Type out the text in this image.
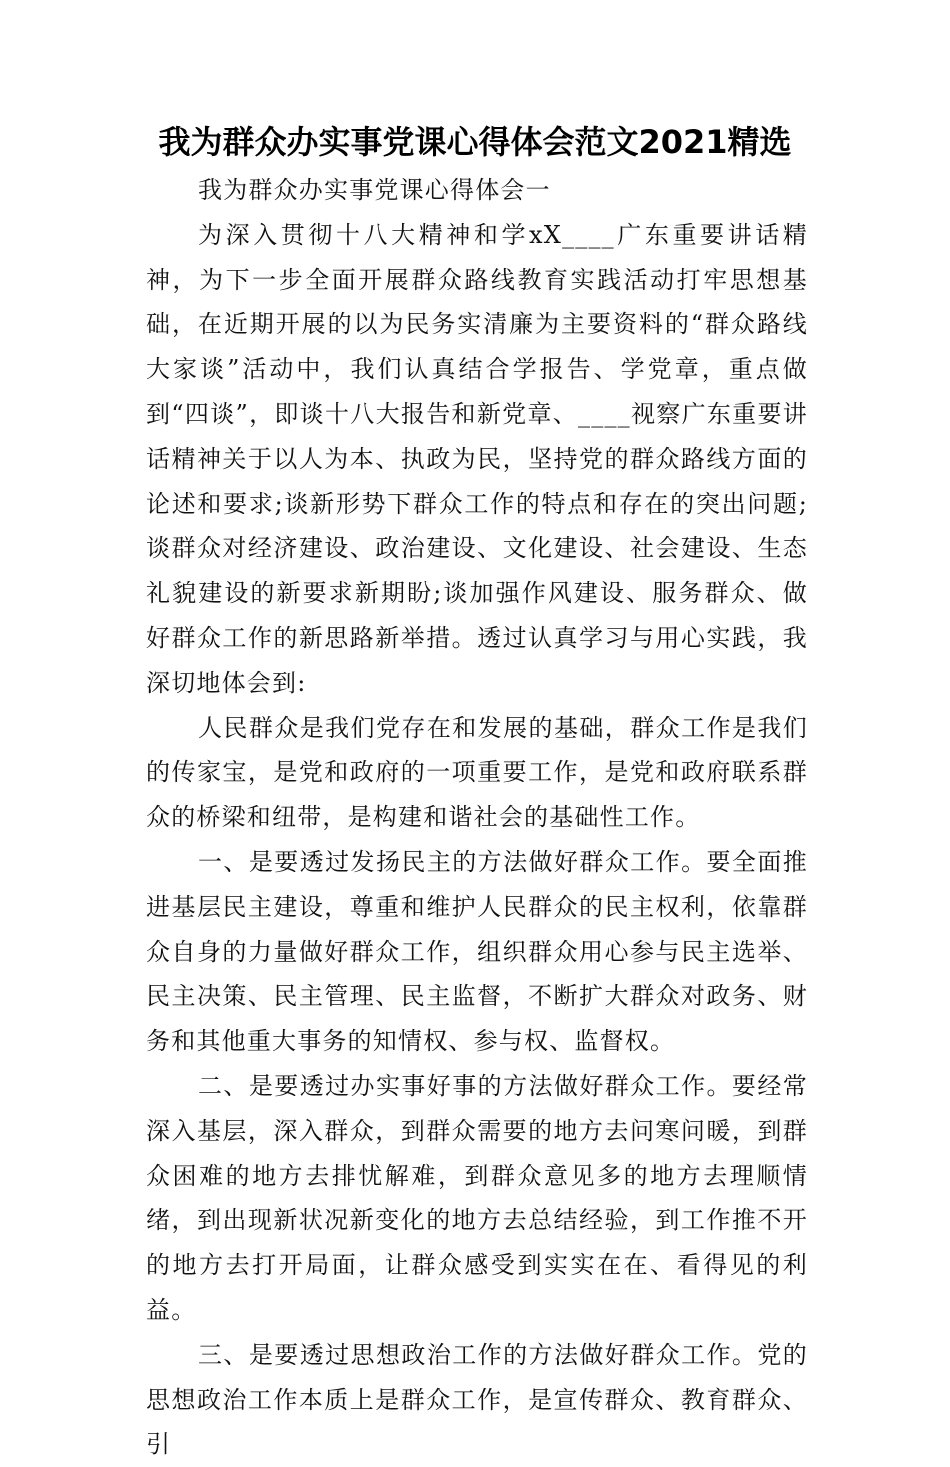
我为群众办实事党课心得体会范文2021精选

我为群众办实事党课心得体会一

为深入贯彻十八大精神和学xX____广东重要讲话精神，为下一步全面开展群众路线教育实践活动打牢思想基础，在近期开展的以为民务实清廉为主要资料的“群众路线大家谈”活动中，我们认真结合学报告、学党章，重点做到“四谈”，即谈十八大报告和新党章、____视察广东重要讲话精神关于以人为本、执政为民，坚持党的群众路线方面的论述和要求;谈新形势下群众工作的特点和存在的突出问题;谈群众对经济建设、政治建设、文化建设、社会建设、生态礼貌建设的新要求新期盼;谈加强作风建设、服务群众、做好群众工作的新思路新举措。透过认真学习与用心实践，我深切地体会到:

人民群众是我们党存在和发展的基础，群众工作是我们的传家宝，是党和政府的一项重要工作，是党和政府联系群众的桥梁和纽带，是构建和谐社会的基础性工作。

一、是要透过发扬民主的方法做好群众工作。要全面推进基层民主建设，尊重和维护人民群众的民主权利，依靠群众自身的力量做好群众工作，组织群众用心参与民主选举、民主决策、民主管理、民主监督，不断扩大群众对政务、财务和其他重大事务的知情权、参与权、监督权。

二、是要透过办实事好事的方法做好群众工作。要经常深入基层，深入群众，到群众需要的地方去问寒问暖，到群众困难的地方去排忧解难，到群众意见多的地方去理顺情绪，到出现新状况新变化的地方去总结经验，到工作推不开的地方去打开局面，让群众感受到实实在在、看得见的利益。

三、是要透过思想政治工作的方法做好群众工作。党的思想政治工作本质上是群众工作，是宣传群众、教育群众、引
